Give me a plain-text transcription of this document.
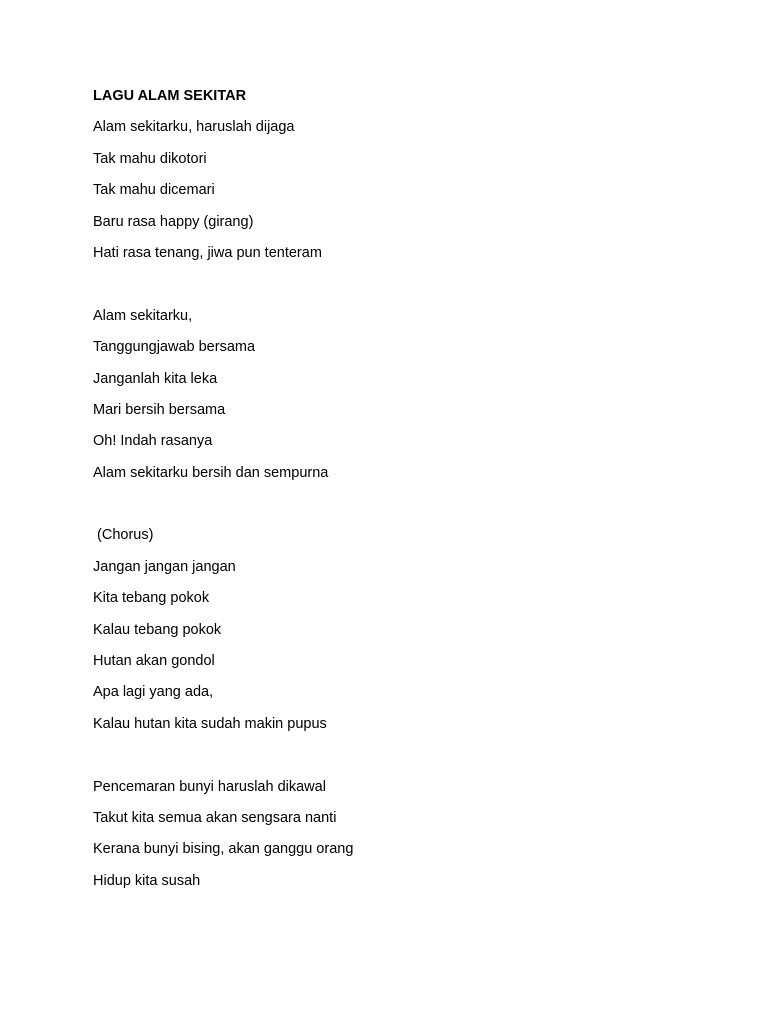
LAGU ALAM SEKITAR
Alam sekitarku, haruslah dijaga
Tak mahu dikotori
Tak mahu dicemari
Baru rasa happy (girang)
Hati rasa tenang, jiwa pun tenteram
Alam sekitarku,
Tanggungjawab bersama
Janganlah kita leka
Mari bersih bersama
Oh! Indah rasanya
Alam sekitarku bersih dan sempurna
(Chorus)
Jangan jangan jangan
Kita tebang pokok
Kalau tebang pokok
Hutan akan gondol
Apa lagi yang ada,
Kalau hutan kita sudah makin pupus
Pencemaran bunyi haruslah dikawal
Takut kita semua akan sengsara nanti
Kerana bunyi bising, akan ganggu orang
Hidup kita susah
